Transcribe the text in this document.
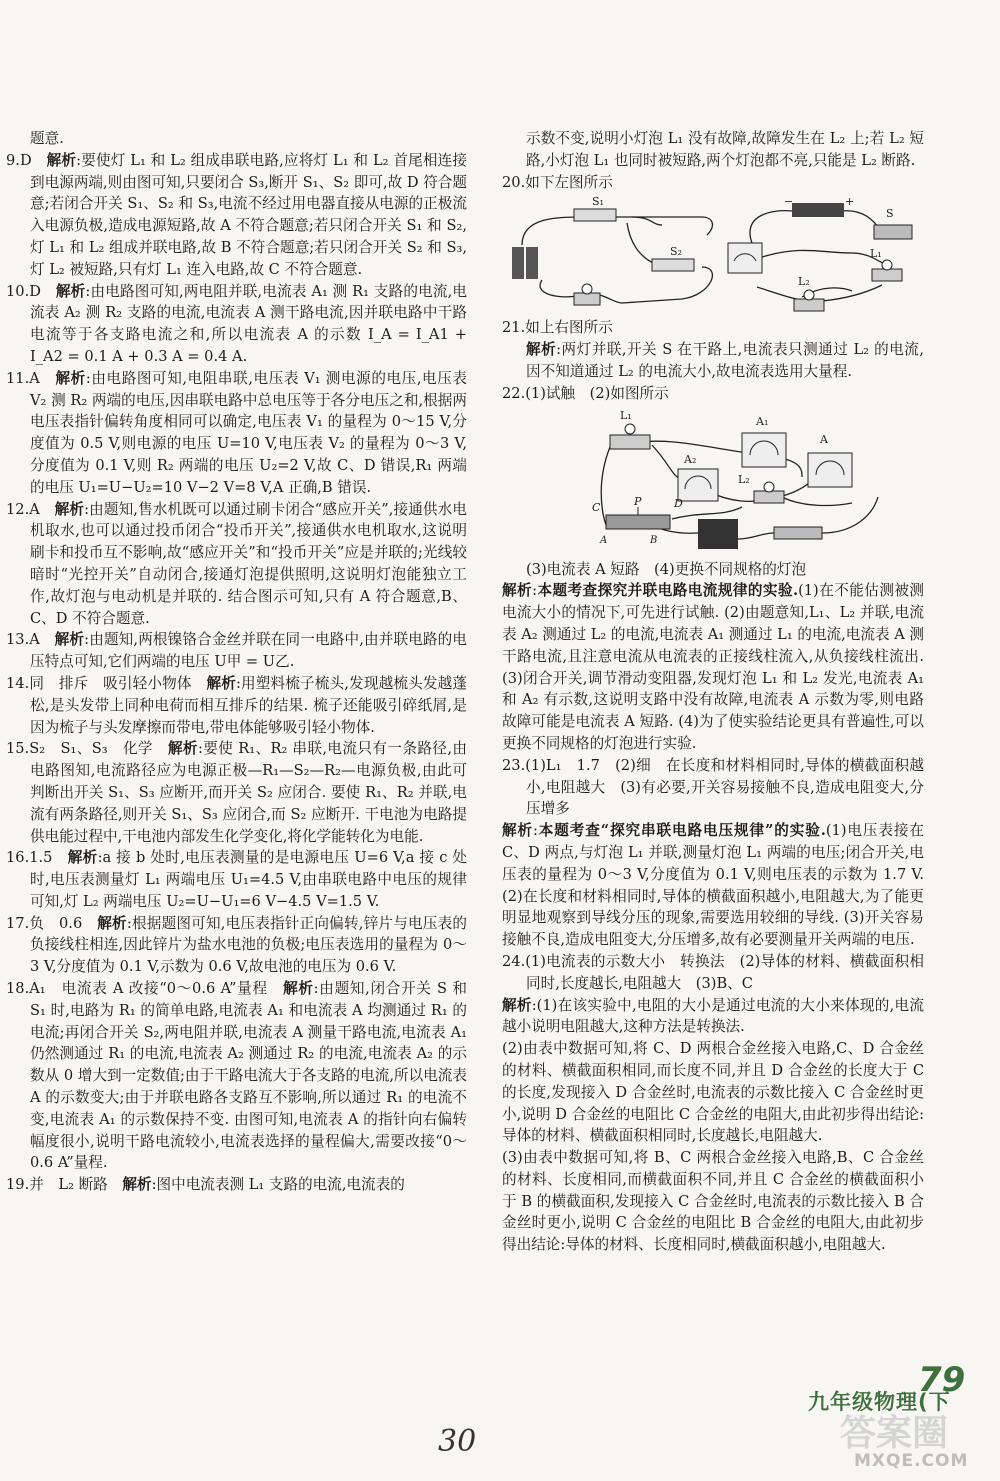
题意.

9.D　 解析:要使灯 L₁ 和 L₂ 组成串联电路,应将灯 L₁ 和 L₂ 首尾相连接到电源两端,则由图可知,只要闭合 S₃,断开 S₁、S₂ 即可,故 D 符合题意;若闭合开关 S₁、S₂ 和 S₃,电流不经过用电器直接从电源的正极流入电源负极,造成电源短路,故 A 不符合题意;若只闭合开关 S₁ 和 S₂,灯 L₁ 和 L₂ 组成并联电路,故 B 不符合题意;若只闭合开关 S₂ 和 S₃,灯 L₂ 被短路,只有灯 L₁ 连入电路,故 C 不符合题意.

10.D　 解析:由电路图可知,两电阻并联,电流表 A₁ 测 R₁ 支路的电流,电流表 A₂ 测 R₂ 支路的电流,电流表 A 测干路电流,因并联电路中干路电流等于各支路电流之和,所以电流表 A 的示数 I_A = I_A1 + I_A2 = 0.1 A + 0.3 A = 0.4 A.

11.A　 解析:由电路图可知,电阻串联,电压表 V₁ 测电源的电压,电压表 V₂ 测 R₂ 两端的电压,因串联电路中总电压等于各分电压之和,根据两电压表指针偏转角度相同可以确定,电压表 V₁ 的量程为 0～15 V,分度值为 0.5 V,则电源的电压 U=10 V,电压表 V₂ 的量程为 0～3 V,分度值为 0.1 V,则 R₂ 两端的电压 U₂=2 V,故 C、D 错误,R₁ 两端的电压 U₁=U−U₂=10 V−2 V=8 V,A 正确,B 错误.

12.A　 解析:由题知,售水机既可以通过刷卡闭合“感应开关”,接通供水电机取水,也可以通过投币闭合“投币开关”,接通供水电机取水,这说明刷卡和投币互不影响,故“感应开关”和“投币开关”应是并联的;光线较暗时“光控开关”自动闭合,接通灯泡提供照明,这说明灯泡能独立工作,故灯泡与电动机是并联的. 结合图示可知,只有 A 符合题意,B、C、D 不符合题意.

13.A　 解析:由题知,两根镍铬合金丝并联在同一电路中,由并联电路的电压特点可知,它们两端的电压 U甲 = U乙.

14.同　排斥　吸引轻小物体　 解析:用塑料梳子梳头,发现越梳头发越蓬松,是头发带上同种电荷而相互排斥的结果. 梳子还能吸引碎纸屑,是因为梳子与头发摩擦而带电,带电体能够吸引轻小物体.

15.S₂　S₁、S₃　化学　 解析:要使 R₁、R₂ 串联,电流只有一条路径,由电路图知,电流路径应为电源正极—R₁—S₂—R₂—电源负极,由此可判断出开关 S₁、S₃ 应断开,而开关 S₂ 应闭合. 要使 R₁、R₂ 并联,电流有两条路径,则开关 S₁、S₃ 应闭合,而 S₂ 应断开. 干电池为电路提供电能过程中,干电池内部发生化学变化,将化学能转化为电能.

16.1.5　 解析:a 接 b 处时,电压表测量的是电源电压 U=6 V,a 接 c 处时,电压表测量灯 L₁ 两端电压 U₁=4.5 V,由串联电路中电压的规律可知,灯 L₂ 两端电压 U₂=U−U₁=6 V−4.5 V=1.5 V.

17.负　0.6　 解析:根据题图可知,电压表指针正向偏转,锌片与电压表的负接线柱相连,因此锌片为盐水电池的负极;电压表选用的量程为 0～3 V,分度值为 0.1 V,示数为 0.6 V,故电池的电压为 0.6 V.

18.A₁　电流表 A 改接“0～0.6 A”量程　 解析:由题知,闭合开关 S 和 S₁ 时,电路为 R₁ 的简单电路,电流表 A₁ 和电流表 A 均测通过 R₁ 的电流;再闭合开关 S₂,两电阻并联,电流表 A 测量干路电流,电流表 A₁ 仍然测通过 R₁ 的电流,电流表 A₂ 测通过 R₂ 的电流,电流表 A₂ 的示数从 0 增大到一定数值;由于干路电流大于各支路的电流,所以电流表 A 的示数变大;由于并联电路各支路互不影响,所以通过 R₁ 的电流不变,电流表 A₁ 的示数保持不变. 由图可知,电流表 A 的指针向右偏转幅度很小,说明干路电流较小,电流表选择的量程偏大,需要改接“0～0.6 A”量程.

19.并　L₂ 断路　 解析:图中电流表测 L₁ 支路的电流,电流表的

示数不变,说明小灯泡 L₁ 没有故障,故障发生在 L₂ 上;若 L₂ 短路,小灯泡 L₁ 也同时被短路,两个灯泡都不亮,只能是 L₂ 断路.

20.如下左图所示

S₁
S₂
−	+
S
L₁
L₂

21.如上右图所示

解析:两灯并联,开关 S 在干路上,电流表只测通过 L₂ 的电流,因不知道通过 L₂ 的电流大小,故电流表选用大量程.

22.(1)试触　(2)如图所示

L₁	A₁
A₂
A
L₂
C	P	D
A	B

(3)电流表 A 短路　(4)更换不同规格的灯泡

解析:本题考查探究并联电路电流规律的实验.(1)在不能估测被测电流大小的情况下,可先进行试触. (2)由题意知,L₁、L₂ 并联,电流表 A₂ 测通过 L₂ 的电流,电流表 A₁ 测通过 L₁ 的电流,电流表 A 测干路电流,且注意电流从电流表的正接线柱流入,从负接线柱流出. (3)闭合开关,调节滑动变阻器,发现灯泡 L₁ 和 L₂ 发光,电流表 A₁ 和 A₂ 有示数,这说明支路中没有故障,电流表 A 示数为零,则电路故障可能是电流表 A 短路. (4)为了使实验结论更具有普遍性,可以更换不同规格的灯泡进行实验.

23.(1)L₁　1.7　(2)细　在长度和材料相同时,导体的横截面积越小,电阻越大　(3)有必要,开关容易接触不良,造成电阻变大,分压增多

解析:本题考查“探究串联电路电压规律”的实验.(1)电压表接在 C、D 两点,与灯泡 L₁ 并联,测量灯泡 L₁ 两端的电压;闭合开关,电压表的量程为 0～3 V,分度值为 0.1 V,则电压表的示数为 1.7 V. (2)在长度和材料相同时,导体的横截面积越小,电阻越大,为了能更明显地观察到导线分压的现象,需要选用较细的导线. (3)开关容易接触不良,造成电阻变大,分压增多,故有必要测量开关两端的电压.

24.(1)电流表的示数大小　转换法　(2)导体的材料、横截面积相同时,长度越长,电阻越大　(3)B、C

解析:(1)在该实验中,电阻的大小是通过电流的大小来体现的,电流越小说明电阻越大,这种方法是转换法.

(2)由表中数据可知,将 C、D 两根合金丝接入电路,C、D 合金丝的材料、横截面积相同,而长度不同,并且 D 合金丝的长度大于 C 的长度,发现接入 D 合金丝时,电流表的示数比接入 C 合金丝时更小,说明 D 合金丝的电阻比 C 合金丝的电阻大,由此初步得出结论:导体的材料、横截面积相同时,长度越长,电阻越大.

(3)由表中数据可知,将 B、C 两根合金丝接入电路,B、C 合金丝的材料、长度相同,而横截面积不同,并且 C 合金丝的横截面积小于 B 的横截面积,发现接入 C 合金丝时,电流表的示数比接入 B 合金丝时更小,说明 C 合金丝的电阻比 B 合金丝的电阻大,由此初步得出结论:导体的材料、长度相同时,横截面积越小,电阻越大.

79
九年级物理(下
30	答案圈
MXQE.COM
